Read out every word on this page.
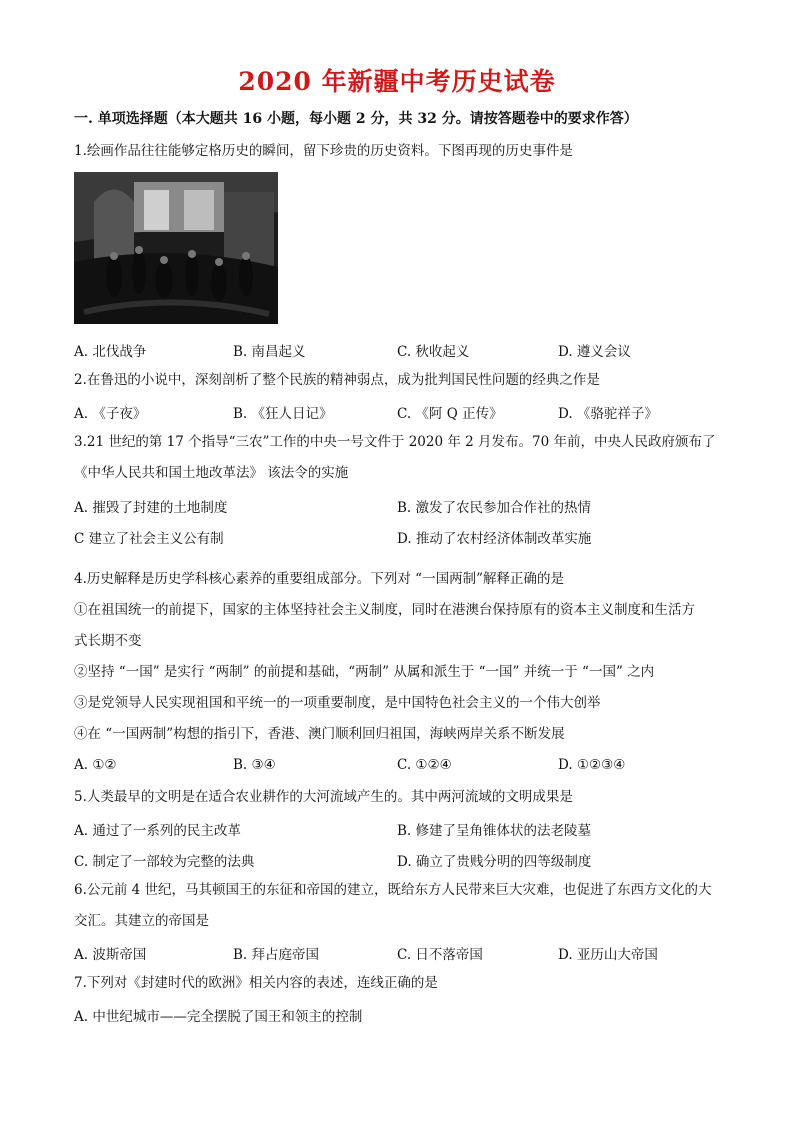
2020 年新疆中考历史试卷
一. 单项选择题（本大题共 16 小题，每小题 2 分，共 32 分。请按答题卷中的要求作答）
1.绘画作品往往能够定格历史的瞬间，留下珍贵的历史资料。下图再现的历史事件是
A. 北伐战争	B. 南昌起义	C. 秋收起义	D. 遵义会议
2.在鲁迅的小说中，深刻剖析了整个民族的精神弱点，成为批判国民性问题的经典之作是
A. 《子夜》	B. 《狂人日记》	C. 《阿 Q 正传》	D. 《骆驼祥子》
3.21 世纪的第 17 个指导“三农”工作的中央一号文件于 2020 年 2 月发布。70 年前，中央人民政府颁布了
《中华人民共和国土地改革法》 该法令的实施
A. 摧毁了封建的土地制度	B. 激发了农民参加合作社的热情
C 建立了社会主义公有制	D. 推动了农村经济体制改革实施
4.历史解释是历史学科核心素养的重要组成部分。下列对 “一国两制”解释正确的是
①在祖国统一的前提下，国家的主体坚持社会主义制度，同时在港澳台保持原有的资本主义制度和生活方
式长期不变
②坚持 “一国” 是实行 “两制” 的前提和基础，“两制” 从属和派生于 “一国” 并统一于 “一国” 之内
③是党领导人民实现祖国和平统一的一项重要制度，是中国特色社会主义的一个伟大创举
④在 “一国两制”构想的指引下，香港、澳门顺利回归祖国，海峡两岸关系不断发展
A. ①②	B. ③④	C. ①②④	D. ①②③④
5.人类最早的文明是在适合农业耕作的大河流域产生的。其中两河流域的文明成果是
A. 通过了一系列的民主改革	B. 修建了呈角锥体状的法老陵墓
C. 制定了一部较为完整的法典	D. 确立了贵贱分明的四等级制度
6.公元前 4 世纪，马其顿国王的东征和帝国的建立，既给东方人民带来巨大灾难，也促进了东西方文化的大
交汇。其建立的帝国是
A. 波斯帝国	B. 拜占庭帝国	C. 日不落帝国	D. 亚历山大帝国
7.下列对《封建时代的欧洲》相关内容的表述，连线正确的是
A. 中世纪城市——完全摆脱了国王和领主的控制
